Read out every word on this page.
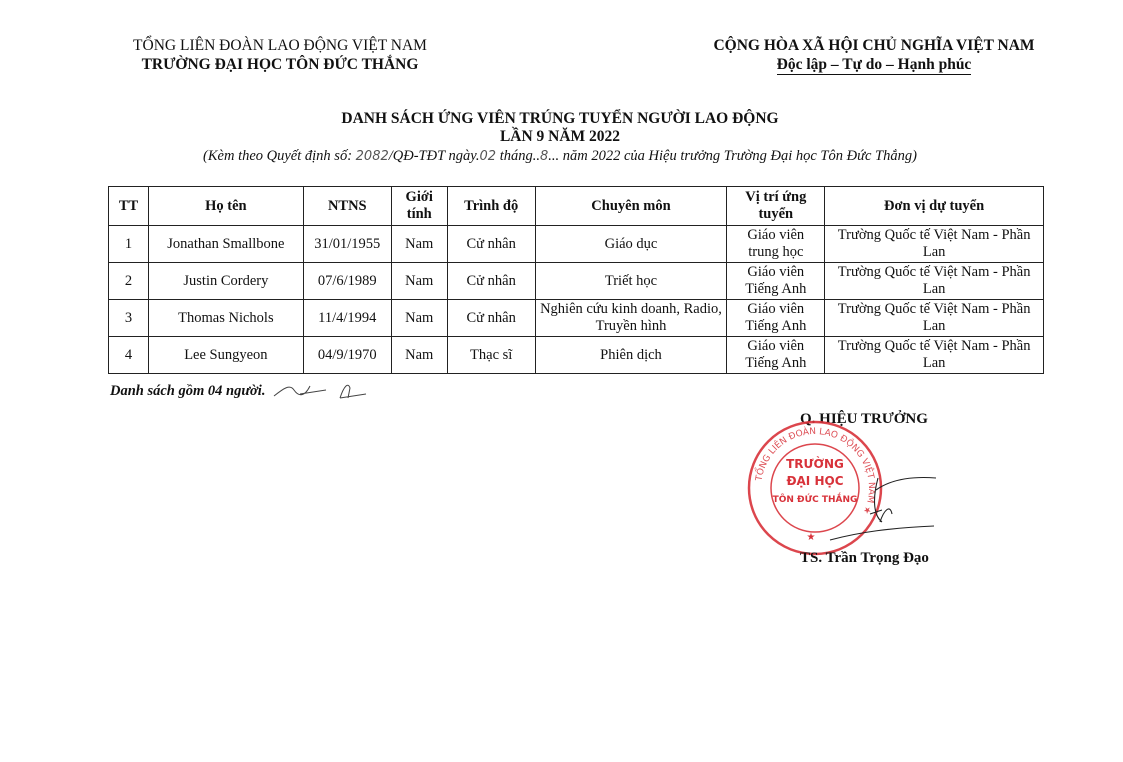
TỔNG LIÊN ĐOÀN LAO ĐỘNG VIỆT NAM
TRƯỜNG ĐẠI HỌC TÔN ĐỨC THẮNG
CỘNG HÒA XÃ HỘI CHỦ NGHĨA VIỆT NAM
Độc lập – Tự do – Hạnh phúc
DANH SÁCH ỨNG VIÊN TRÚNG TUYỂN NGƯỜI LAO ĐỘNG
LẦN 9 NĂM 2022
(Kèm theo Quyết định số: 2082/QĐ-TĐT ngày.02 tháng..8... năm 2022 của Hiệu trưởng Trường Đại học Tôn Đức Thắng)
TT	Họ tên	NTNS	Giới tính	Trình độ	Chuyên môn	Vị trí ứng tuyển	Đơn vị dự tuyển
1	Jonathan Smallbone	31/01/1955	Nam	Cử nhân	Giáo dục	Giáo viên trung học	Trường Quốc tế Việt Nam - Phần Lan
2	Justin Cordery	07/6/1989	Nam	Cử nhân	Triết học	Giáo viên Tiếng Anh	Trường Quốc tế Việt Nam - Phần Lan
3	Thomas Nichols	11/4/1994	Nam	Cử nhân	Nghiên cứu kinh doanh, Radio, Truyền hình	Giáo viên Tiếng Anh	Trường Quốc tế Việt Nam - Phần Lan
4	Lee Sungyeon	04/9/1970	Nam	Thạc sĩ	Phiên dịch	Giáo viên Tiếng Anh	Trường Quốc tế Việt Nam - Phần Lan
Danh sách gồm 04 người.
Q. HIỆU TRƯỞNG
TỔNG LIÊN ĐOÀN LAO ĐỘNG VIỆT NAM ★
TRƯỜNG
ĐẠI HỌC
TÔN ĐỨC THẮNG
★
TS. Trần Trọng Đạo
